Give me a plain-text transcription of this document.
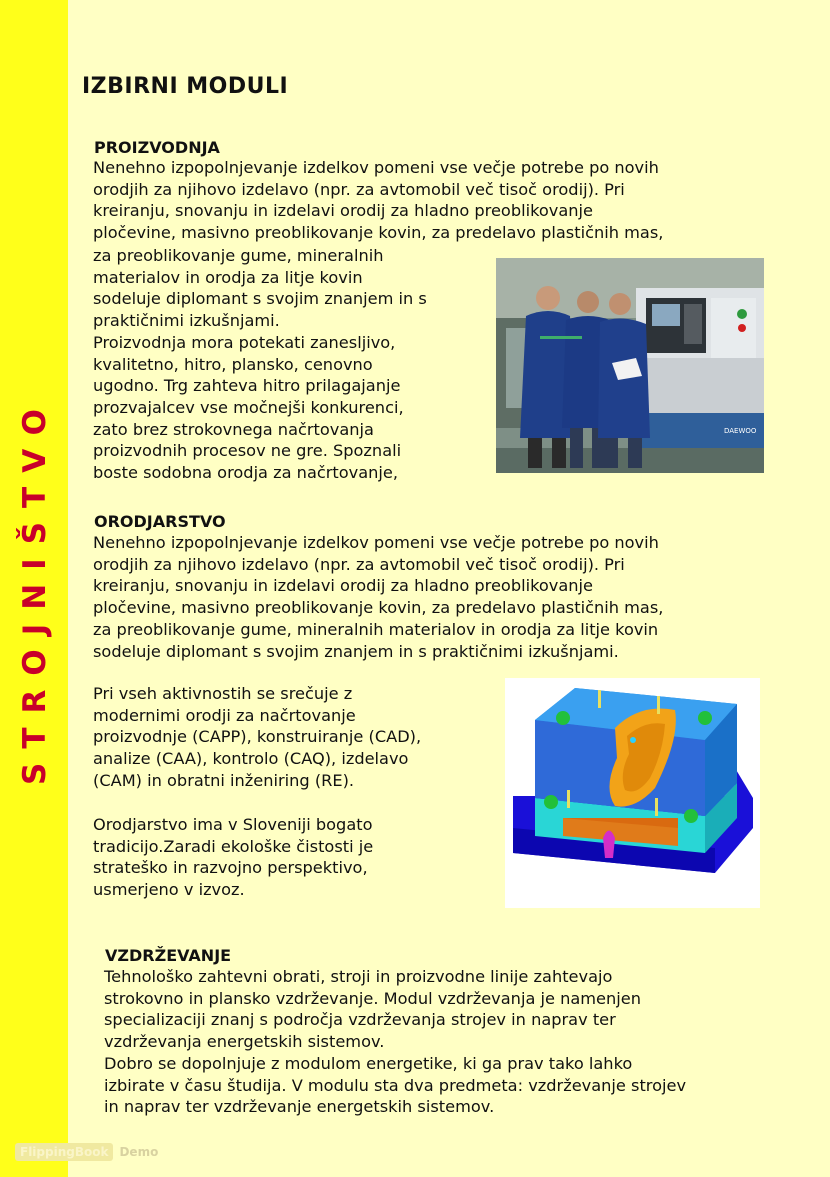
STROJNIŠTVO
IZBIRNI MODULI
PROIZVODNJA

Nenehno izpopolnjevanje izdelkov pomeni vse večje potrebe po novih
orodjih za njihovo izdelavo (npr. za avtomobil več tisoč orodij). Pri
kreiranju, snovanju in izdelavi orodij za hladno preoblikovanje
pločevine, masivno preoblikovanje kovin, za predelavo plastičnih mas,

za preoblikovanje gume, mineralnih
materialov in orodja za litje kovin
sodeluje diplomant s svojim znanjem in s
praktičnimi izkušnjami.
Proizvodnja mora potekati zanesljivo,
kvalitetno, hitro, plansko, cenovno
ugodno. Trg zahteva hitro prilagajanje
prozvajalcev vse močnejši konkurenci,
zato brez strokovnega načrtovanja
proizvodnih procesov ne gre. Spoznali
boste sodobna orodja za načrtovanje,

DAEWOO
ORODJARSTVO

Nenehno izpopolnjevanje izdelkov pomeni vse večje potrebe po novih
orodjih za njihovo izdelavo (npr. za avtomobil več tisoč orodij). Pri
kreiranju, snovanju in izdelavi orodij za hladno preoblikovanje
pločevine, masivno preoblikovanje kovin, za predelavo plastičnih mas,
za preoblikovanje gume, mineralnih materialov in orodja za litje kovin
sodeluje diplomant s svojim znanjem in s praktičnimi izkušnjami.

Pri vseh aktivnostih se srečuje z
modernimi orodji za načrtovanje
proizvodnje (CAPP), konstruiranje (CAD),
analize (CAA), kontrolo (CAQ), izdelavo
(CAM) in obratni inženiring (RE).

Orodjarstvo ima v Sloveniji bogato
tradicijo.Zaradi ekološke čistosti je
strateško in razvojno perspektivo,
usmerjeno v izvoz.

VZDRŽEVANJE

Tehnološko zahtevni obrati, stroji in proizvodne linije zahtevajo
strokovno in plansko vzdrževanje. Modul vzdrževanja je namenjen
specializaciji znanj s področja vzdrževanja strojev in naprav ter
vzdrževanja energetskih sistemov.
Dobro se dopolnjuje z modulom energetike, ki ga prav tako lahko
izbirate v času študija. V modulu sta dva predmeta: vzdrževanje strojev
in naprav ter vzdrževanje energetskih sistemov.

FlippingBook Demo
